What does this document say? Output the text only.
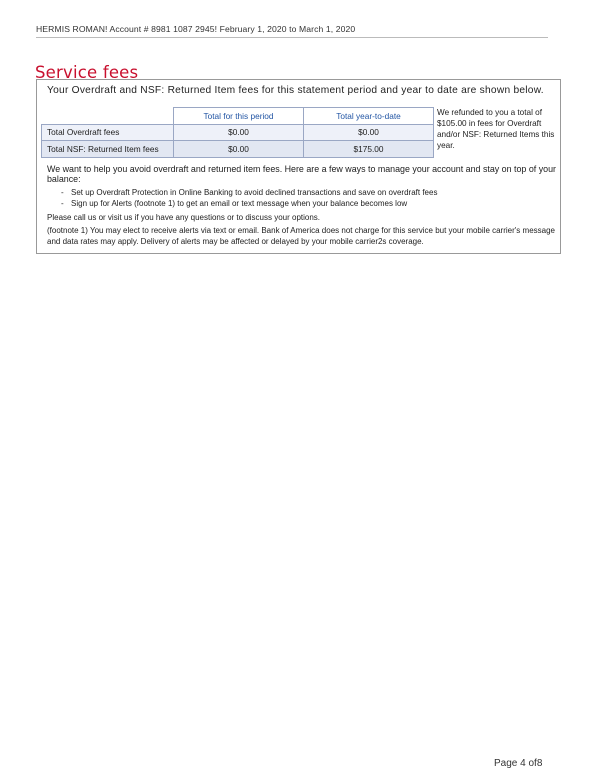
HERMIS ROMAN! Account # 8981 1087 2945! February 1, 2020 to March 1, 2020
Service fees
Your Overdraft and NSF: Returned Item fees for this statement period and year to date are shown below.
	Total for this period	Total year-to-date
Total Overdraft fees	$0.00	$0.00
Total NSF: Returned Item fees	$0.00	$175.00
We refunded to you a total of $105.00 in fees for Overdraft and/or NSF: Returned Items this year.
We want to help you avoid overdraft and returned item fees. Here are a few ways to manage your account and stay on top of your balance:
- Set up Overdraft Protection in Online Banking to avoid declined transactions and save on overdraft fees
- Sign up for Alerts (footnote 1) to get an email or text message when your balance becomes low
Please call us or visit us if you have any questions or to discuss your options.
(footnote 1) You may elect to receive alerts via text or email. Bank of America does not charge for this service but your mobile carrier's message and data rates may apply. Delivery of alerts may be affected or delayed by your mobile carrier2s coverage.
Page 4 of8
